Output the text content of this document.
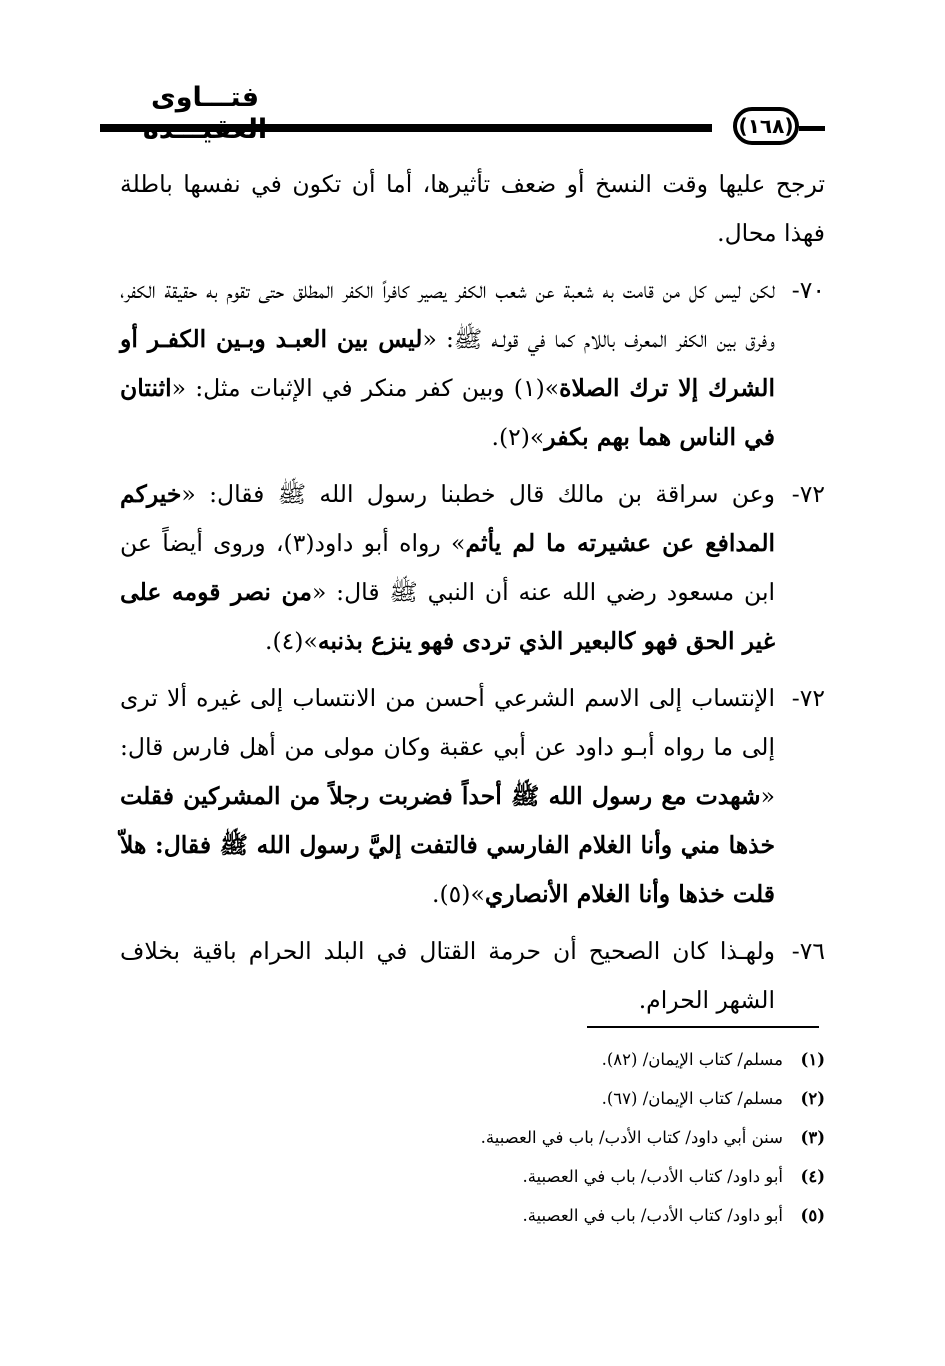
فتـــاوى
(١٦٨)

ترجح عليها وقت النسخ أو ضعف تأثيرها، أما أن تكون في نفسها باطلة فهذا محال.

٧٠-
لكن ليس كل من قامت به شعبة عن شعب الكفر يصير كافراً الكفر المطلق حتى تقوم به حقيقة الكفر، وفرق بين الكفر المعرف باللام كما في قولـه ﷺ: «ليس بين العبـد وبـين الكفـر أو الشرك إلا ترك الصلاة»(١) وبين كفر منكر في الإثبات مثل: «اثنتان في الناس هما بهم بكفر»(٢).
٧٢-
وعن سراقة بن مالك قال خطبنا رسول الله ﷺ فقال: «خيركم المدافع عن عشيرته ما لم يأثم» رواه أبو داود(٣)، وروى أيضاً عن ابن مسعود رضي الله عنه أن النبي ﷺ قال: «من نصر قومه على غير الحق فهو كالبعير الذي تردى فهو ينزع بذنبه»(٤).
٧٢-
الإنتساب إلى الاسم الشرعي أحسن من الانتساب إلى غيره ألا ترى إلى ما رواه أبـو داود عن أبي عقبة وكان مولى من أهل فارس قال: «شهدت مع رسول الله ﷺ أحداً فضربت رجلاً من المشركين فقلت خذها مني وأنا الغلام الفارسي فالتفت إليَّ رسول الله ﷺ فقال: هلاّ قلت خذها وأنا الغلام الأنصاري»(٥).
٧٦-
ولهـذا كان الصحيح أن حرمة القتال في البلد الحرام باقية بخلاف الشهر الحرام.
(١)
مسلم/ كتاب الإيمان/ (٨٢).
(٢)
مسلم/ كتاب الإيمان/ (٦٧).
(٣)
سنن أبي داود/ كتاب الأدب/ باب في العصبية.
(٤)
أبو داود/ كتاب الأدب/ باب في العصبية.
(٥)
أبو داود/ كتاب الأدب/ باب في العصبية.
